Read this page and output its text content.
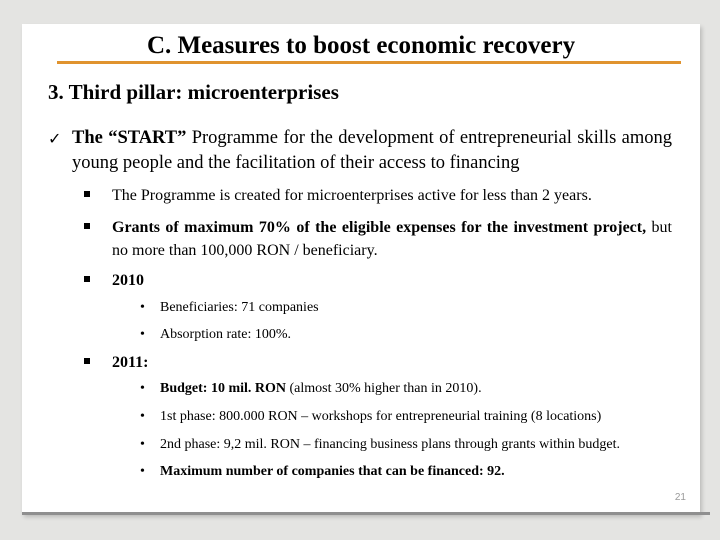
C. Measures to boost economic recovery
3. Third pillar: microenterprises
✓ The “START” Programme for the development of entrepreneurial skills among young people and the facilitation of their access to financing
The Programme is created for microenterprises active for less than 2 years.
Grants of maximum 70% of the eligible expenses for the investment project, but no more than 100,000 RON / beneficiary.
2010
• Beneficiaries: 71 companies
• Absorption rate: 100%.
2011:
• Budget: 10 mil. RON (almost 30% higher than in 2010).
• 1st phase: 800.000 RON – workshops for entrepreneurial training (8 locations)
• 2nd phase: 9,2 mil. RON – financing business plans through grants within budget.
• Maximum number of companies that can be financed: 92.
21
